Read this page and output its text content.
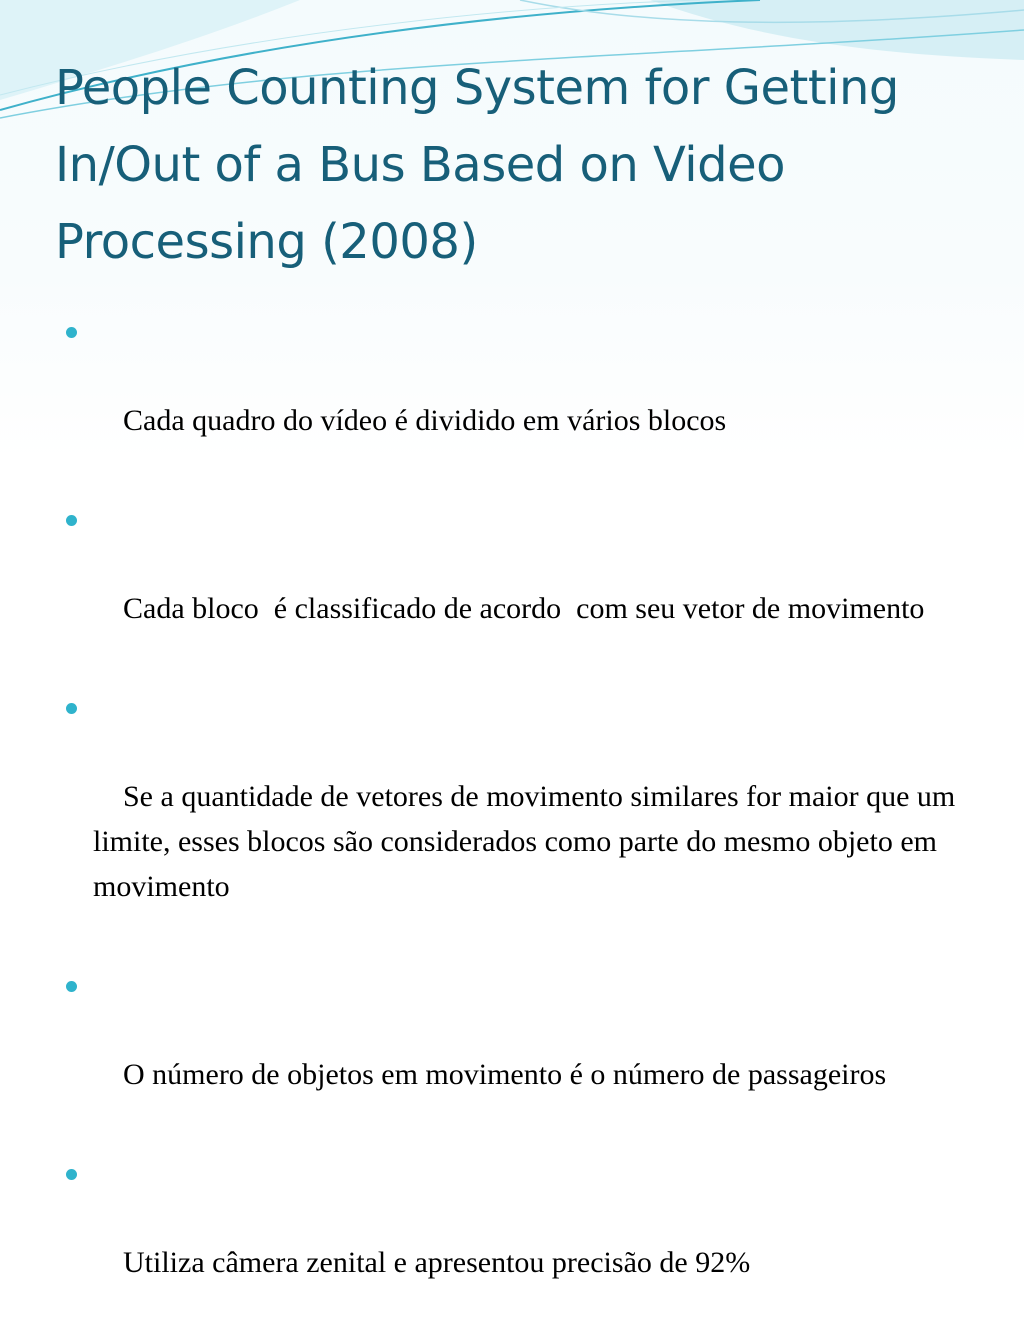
People Counting System for Getting In/Out of a Bus Based on Video Processing (2008)

Cada quadro do vídeo é dividido em vários blocos

Cada bloco  é classificado de acordo  com seu vetor de movimento

Se a quantidade de vetores de movimento similares for maior que um limite, esses blocos são considerados como parte do mesmo objeto em movimento

O número de objetos em movimento é o número de passageiros

Utiliza câmera zenital e apresentou precisão de 92%
